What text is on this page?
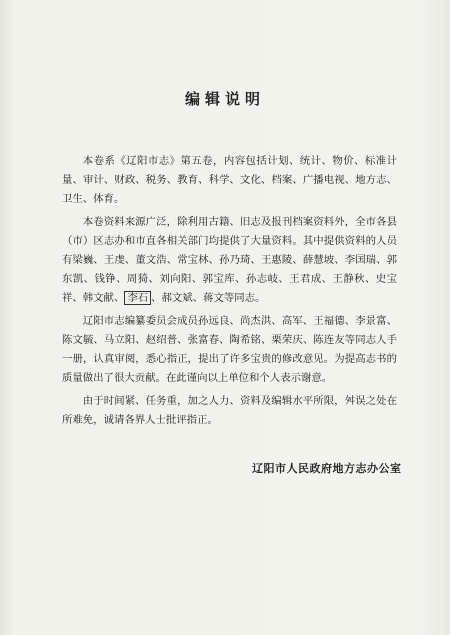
编辑说明

本卷系《辽阳市志》第五卷，内容包括计划、统计、物价、标准计量、审计、财政、税务、教育、科学、文化、档案、广播电视、地方志、卫生、体育。

本卷资料来源广泛，除利用古籍、旧志及报刊档案资料外，全市各县（市）区志办和市直各相关部门均提供了大量资料。其中提供资料的人员有梁巍、王虔、董文浩、常宝林、孙乃琦、王惠陵、薛慧坡、李国瑞、郭东凯、钱铮、周猗、刘向阳、郭宝库、孙志岐、王君成、王静秋、史宝祥、韩文献、 李石 、郝文斌、蒋文等同志。

辽阳市志编纂委员会成员孙远良、尚杰洪、高军、王福德、李景富、陈文毓、马立阳、赵绍普、张富春、陶希铭、栗荣庆、陈连友等同志人手一册，认真审阅，悉心指正，提出了许多宝贵的修改意见。为提高志书的质量做出了很大贡献。在此谨向以上单位和个人表示谢意。

由于时间紧、任务重，加之人力、资料及编辑水平所限，舛误之处在所难免，诚请各界人士批评指正。

辽阳市人民政府地方志办公室
